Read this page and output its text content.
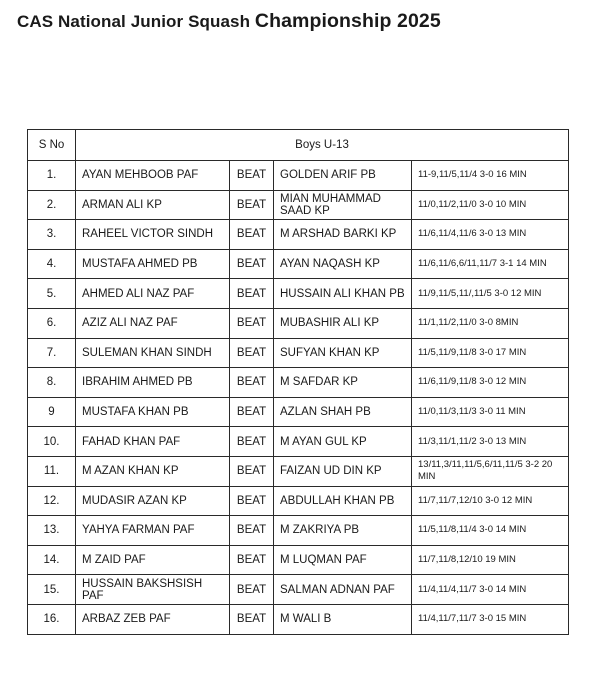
CAS National Junior Squash Championship 2025
S No	Boys U-13			
1.	AYAN MEHBOOB PAF	BEAT	GOLDEN ARIF PB	11-9,11/5,11/4 3-0 16 MIN
2.	ARMAN ALI KP	BEAT	MIAN MUHAMMAD SAAD KP	11/0,11/2,11/0 3-0 10 MIN
3.	RAHEEL VICTOR SINDH	BEAT	M ARSHAD BARKI KP	11/6,11/4,11/6 3-0 13 MIN
4.	MUSTAFA AHMED PB	BEAT	AYAN NAQASH KP	11/6,11/6,6/11,11/7 3-1 14 MIN
5.	AHMED ALI NAZ PAF	BEAT	HUSSAIN ALI KHAN PB	11/9,11/5,11/,11/5 3-0 12 MIN
6.	AZIZ ALI NAZ PAF	BEAT	MUBASHIR ALI KP	11/1,11/2,11/0 3-0 8MIN
7.	SULEMAN KHAN SINDH	BEAT	SUFYAN KHAN KP	11/5,11/9,11/8 3-0 17 MIN
8.	IBRAHIM AHMED PB	BEAT	M SAFDAR KP	11/6,11/9,11/8 3-0 12 MIN
9	MUSTAFA KHAN PB	BEAT	AZLAN SHAH PB	11/0,11/3,11/3 3-0 11 MIN
10.	FAHAD KHAN PAF	BEAT	M AYAN GUL KP	11/3,11/1,11/2 3-0 13 MIN
11.	M AZAN KHAN KP	BEAT	FAIZAN UD DIN KP	13/11,3/11,11/5,6/11,11/5 3-2 20 MIN
12.	MUDASIR AZAN KP	BEAT	ABDULLAH KHAN PB	11/7,11/7,12/10 3-0 12 MIN
13.	YAHYA FARMAN PAF	BEAT	M ZAKRIYA PB	11/5,11/8,11/4 3-0 14 MIN
14.	M ZAID PAF	BEAT	M LUQMAN PAF	11/7,11/8,12/10 19 MIN
15.	HUSSAIN BAKSHSISH PAF	BEAT	SALMAN ADNAN PAF	11/4,11/4,11/7 3-0 14 MIN
16.	ARBAZ ZEB PAF	BEAT	M WALI B	11/4,11/7,11/7 3-0 15 MIN
